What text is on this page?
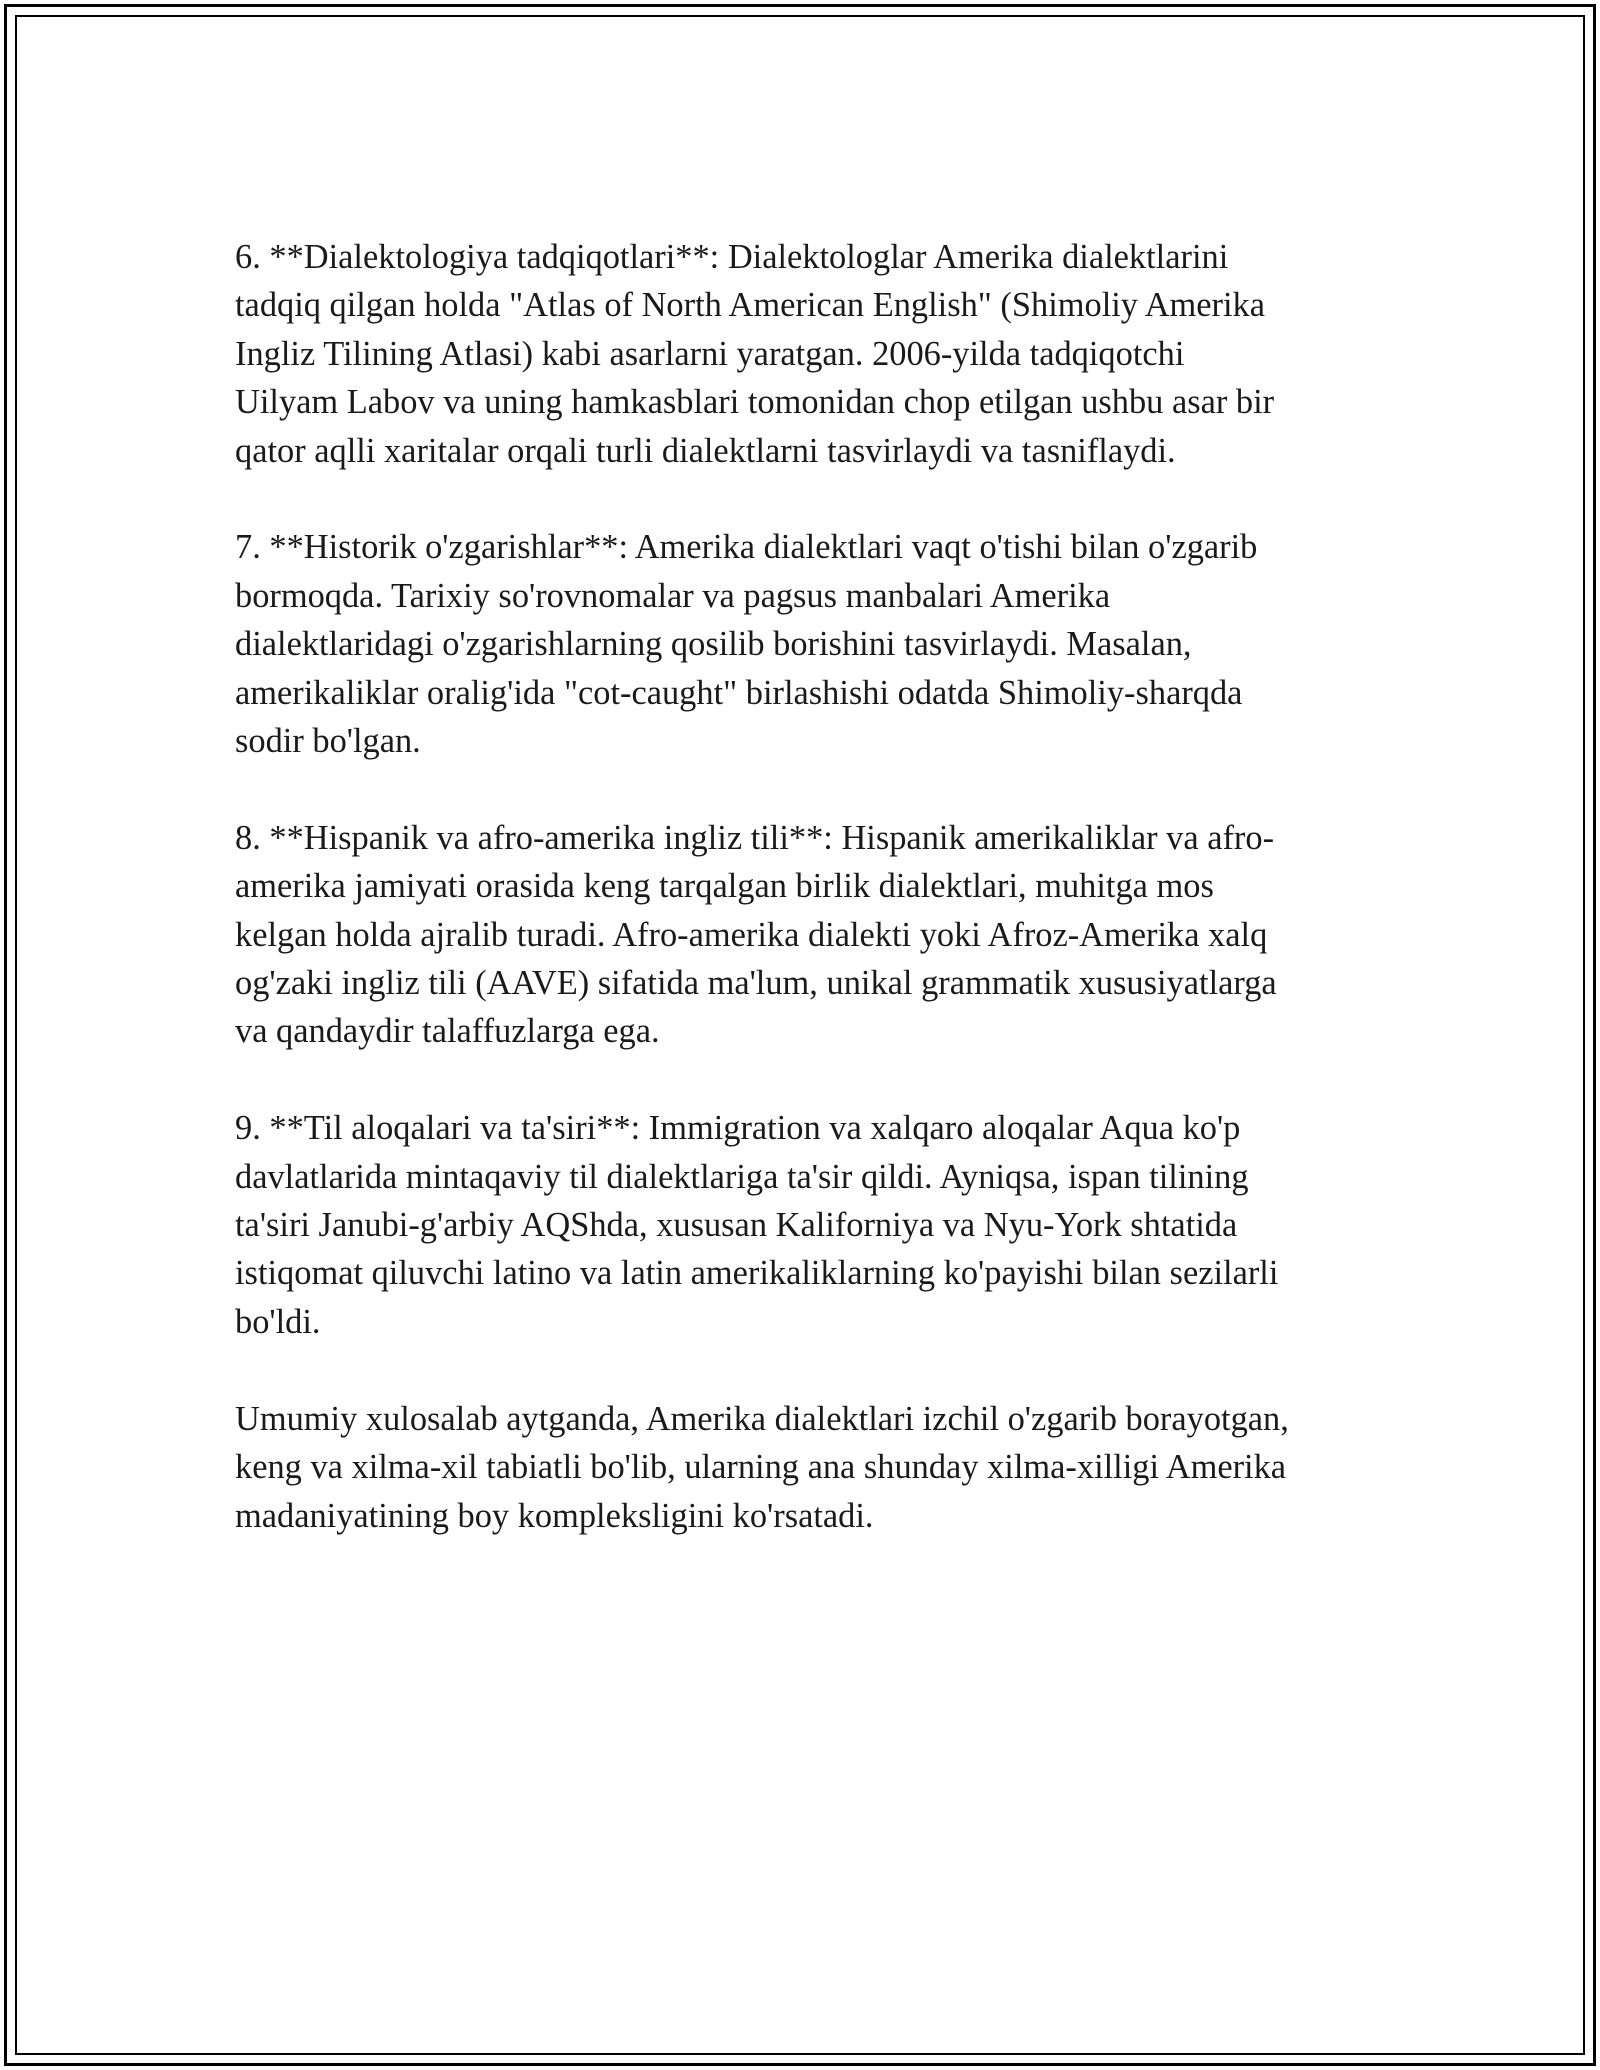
6. **Dialektologiya tadqiqotlari**: Dialektologlar Amerika dialektlarini
tadqiq qilgan holda "Atlas of North American English" (Shimoliy Amerika
Ingliz Tilining Atlasi) kabi asarlarni yaratgan. 2006-yilda tadqiqotchi
Uilyam Labov va uning hamkasblari tomonidan chop etilgan ushbu asar bir
qator aqlli xaritalar orqali turli dialektlarni tasvirlaydi va tasniflaydi.

7. **Historik o'zgarishlar**: Amerika dialektlari vaqt o'tishi bilan o'zgarib
bormoqda. Tarixiy so'rovnomalar va pagsus manbalari Amerika
dialektlaridagi o'zgarishlarning qosilib borishini tasvirlaydi. Masalan,
amerikaliklar oralig'ida "cot-caught" birlashishi odatda Shimoliy-sharqda
sodir bo'lgan.

8. **Hispanik va afro-amerika ingliz tili**: Hispanik amerikaliklar va afro-
amerika jamiyati orasida keng tarqalgan birlik dialektlari, muhitga mos
kelgan holda ajralib turadi. Afro-amerika dialekti yoki Afroz-Amerika xalq
og'zaki ingliz tili (AAVE) sifatida ma'lum, unikal grammatik xususiyatlarga
va qandaydir talaffuzlarga ega.

9. **Til aloqalari va ta'siri**: Immigration va xalqaro aloqalar Aqua ko'p
davlatlarida mintaqaviy til dialektlariga ta'sir qildi. Ayniqsa, ispan tilining
ta'siri Janubi-g'arbiy AQShda, xususan Kaliforniya va Nyu-York shtatida
istiqomat qiluvchi latino va latin amerikaliklarning ko'payishi bilan sezilarli
bo'ldi.

Umumiy xulosalab aytganda, Amerika dialektlari izchil o'zgarib borayotgan,
keng va xilma-xil tabiatli bo'lib, ularning ana shunday xilma-xilligi Amerika
madaniyatining boy kompleksligini ko'rsatadi.
